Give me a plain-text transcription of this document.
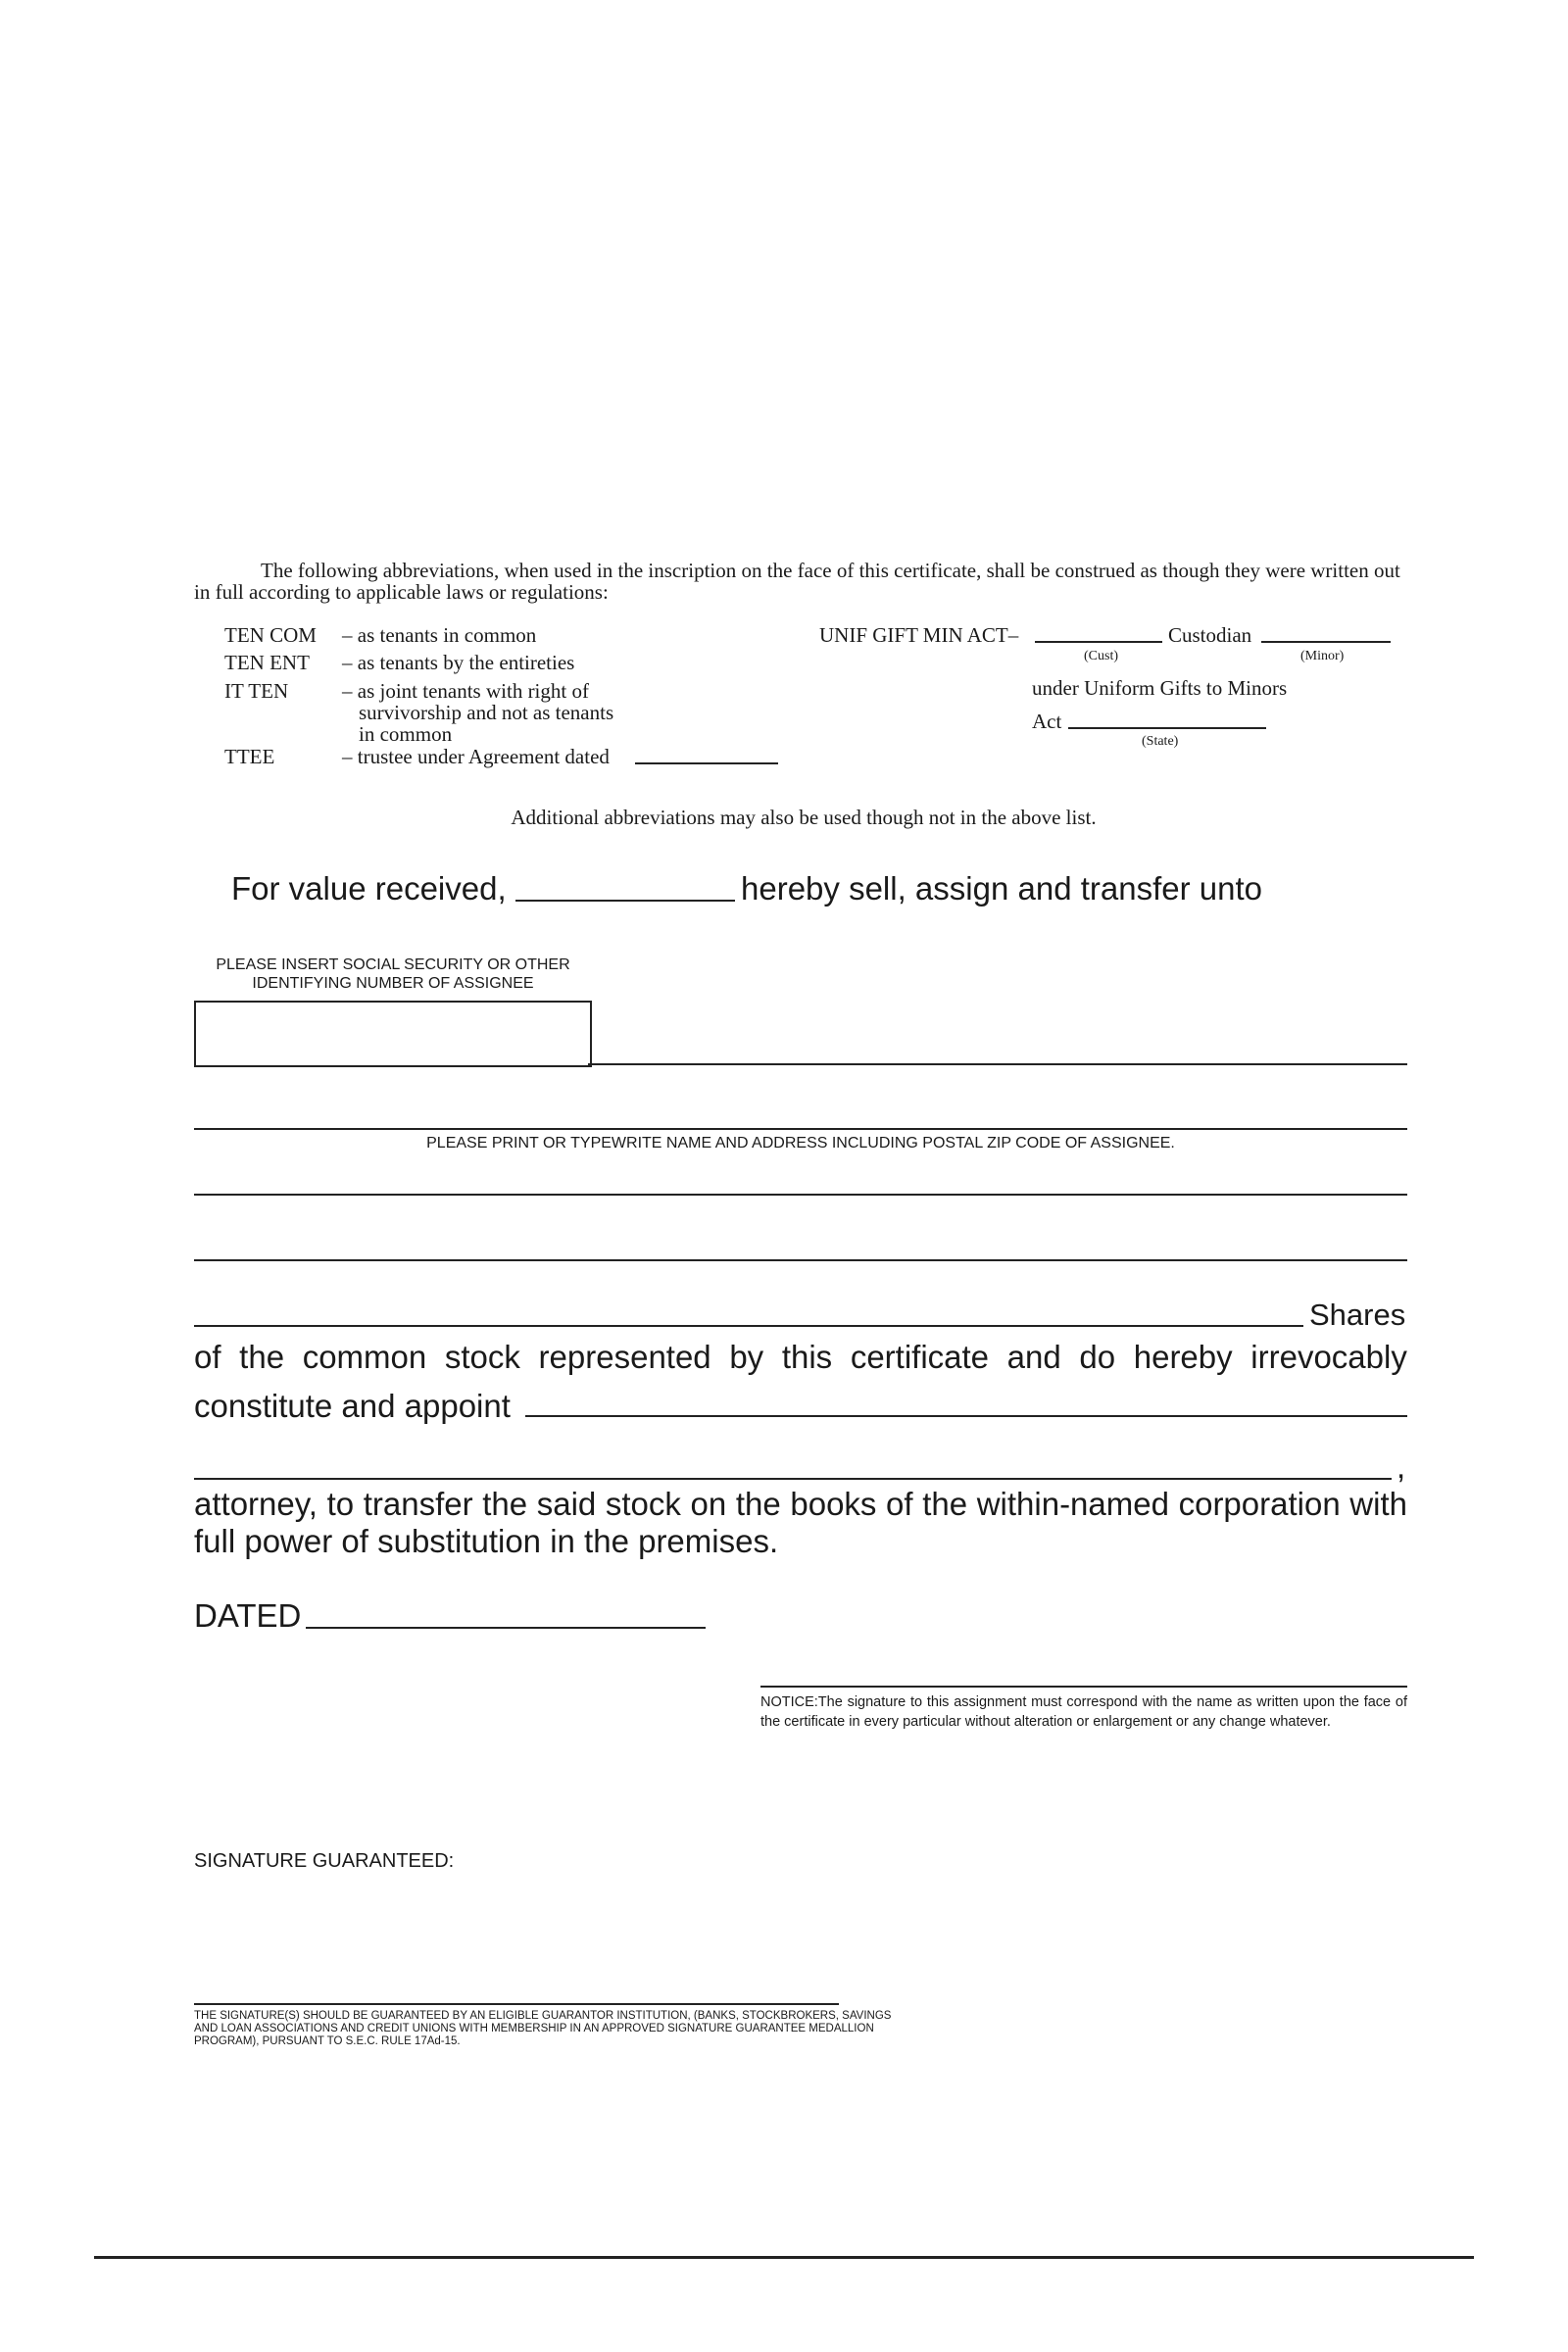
The following abbreviations, when used in the inscription on the face of this certificate, shall be construed as though they were written out in full according to applicable laws or regulations:
TEN COM – as tenants in common
TEN ENT – as tenants by the entireties
IT TEN	– as joint tenants with right of
survivorship and not as tenants
in common
TTEE	– trustee under Agreement dated
UNIF GIFT MIN ACT–	Custodian
(Cust)	(Minor)
under Uniform Gifts to Minors
Act
(State)
Additional abbreviations may also be used though not in the above list.
For value received,	hereby sell, assign and transfer unto
PLEASE INSERT SOCIAL SECURITY OR OTHER
IDENTIFYING NUMBER OF ASSIGNEE
PLEASE PRINT OR TYPEWRITE NAME AND ADDRESS INCLUDING POSTAL ZIP CODE OF ASSIGNEE.
Shares
of the common stock represented by this certificate and do hereby irrevocably
constitute and appoint
,
attorney, to transfer the said stock on the books of the within-named corporation with full power of substitution in the premises.
DATED
NOTICE:The signature to this assignment must correspond with the name as written upon the face of the certificate in every particular without alteration or enlargement or any change whatever.
SIGNATURE GUARANTEED:
THE SIGNATURE(S) SHOULD BE GUARANTEED BY AN ELIGIBLE GUARANTOR INSTITUTION, (BANKS, STOCKBROKERS, SAVINGS AND LOAN ASSOCIATIONS AND CREDIT UNIONS WITH MEMBERSHIP IN AN APPROVED SIGNATURE GUARANTEE MEDALLION PROGRAM), PURSUANT TO S.E.C. RULE 17Ad-15.
